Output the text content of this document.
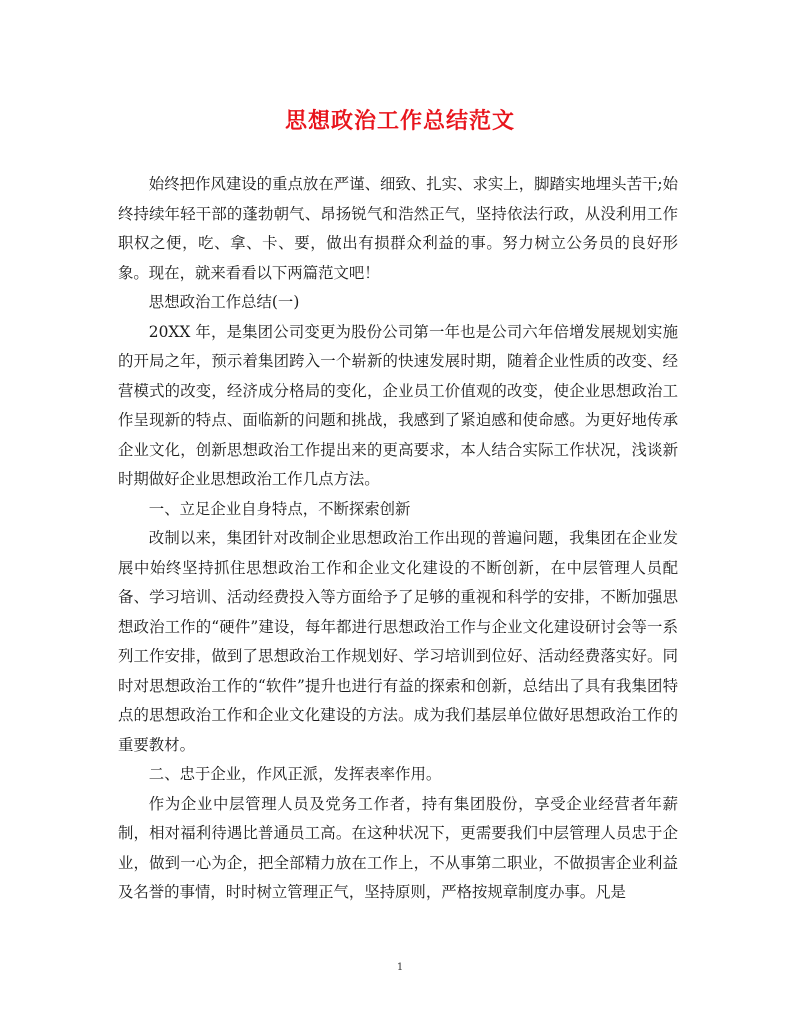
思想政治工作总结范文

始终把作风建设的重点放在严谨、细致、扎实、求实上，脚踏实地埋头苦干;始终持续年轻干部的蓬勃朝气、昂扬锐气和浩然正气，坚持依法行政，从没利用工作职权之便，吃、拿、卡、要，做出有损群众利益的事。努力树立公务员的良好形象。现在，就来看看以下两篇范文吧！

思想政治工作总结(一)

20XX 年，是集团公司变更为股份公司第一年也是公司六年倍增发展规划实施的开局之年，预示着集团跨入一个崭新的快速发展时期，随着企业性质的改变、经营模式的改变，经济成分格局的变化，企业员工价值观的改变，使企业思想政治工作呈现新的特点、面临新的问题和挑战，我感到了紧迫感和使命感。为更好地传承企业文化，创新思想政治工作提出来的更高要求，本人结合实际工作状况，浅谈新时期做好企业思想政治工作几点方法。

一、立足企业自身特点，不断探索创新

改制以来，集团针对改制企业思想政治工作出现的普遍问题，我集团在企业发展中始终坚持抓住思想政治工作和企业文化建设的不断创新，在中层管理人员配备、学习培训、活动经费投入等方面给予了足够的重视和科学的安排，不断加强思想政治工作的“硬件”建设，每年都进行思想政治工作与企业文化建设研讨会等一系列工作安排，做到了思想政治工作规划好、学习培训到位好、活动经费落实好。同时对思想政治工作的“软件”提升也进行有益的探索和创新，总结出了具有我集团特点的思想政治工作和企业文化建设的方法。成为我们基层单位做好思想政治工作的重要教材。

二、忠于企业，作风正派，发挥表率作用。

作为企业中层管理人员及党务工作者，持有集团股份，享受企业经营者年薪制，相对福利待遇比普通员工高。在这种状况下，更需要我们中层管理人员忠于企业，做到一心为企，把全部精力放在工作上，不从事第二职业，不做损害企业利益及名誉的事情，时时树立管理正气，坚持原则，严格按规章制度办事。凡是

1
